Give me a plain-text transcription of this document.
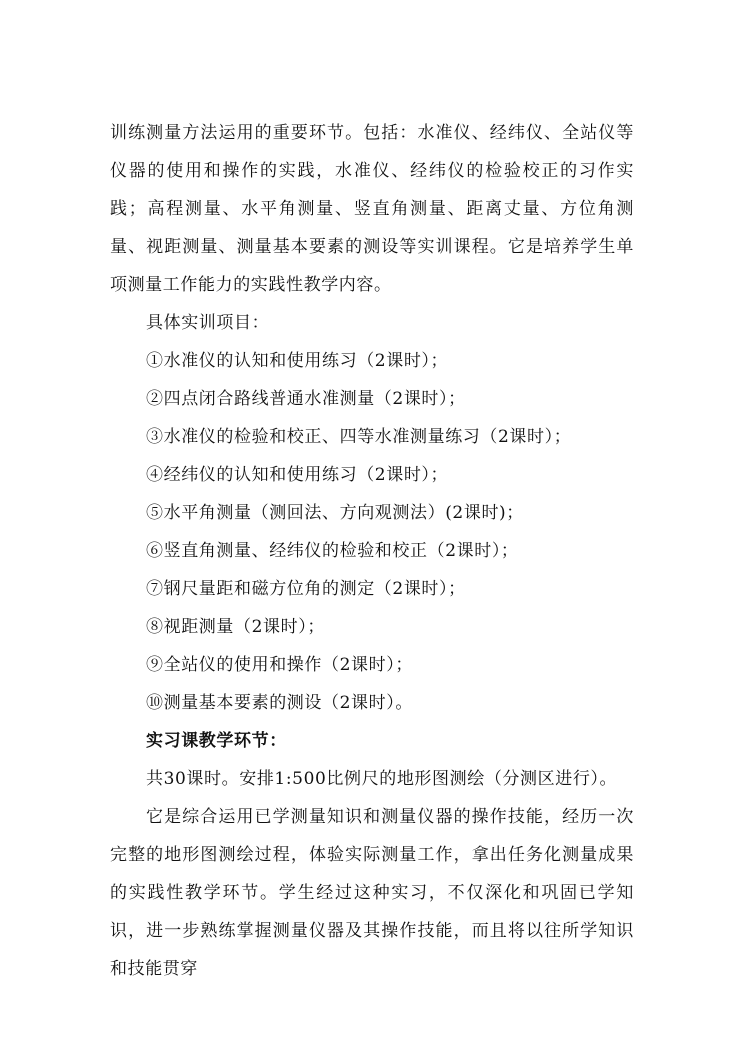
训练测量方法运用的重要环节。包括：水准仪、经纬仪、全站仪等仪器的使用和操作的实践，水准仪、经纬仪的检验校正的习作实践；高程测量、水平角测量、竖直角测量、距离丈量、方位角测量、视距测量、测量基本要素的测设等实训课程。它是培养学生单项测量工作能力的实践性教学内容。

具体实训项目：

①水准仪的认知和使用练习（2课时）；
②四点闭合路线普通水准测量（2课时）；
③水准仪的检验和校正、四等水准测量练习（2课时）；
④经纬仪的认知和使用练习（2课时）；
⑤水平角测量（测回法、方向观测法）(2课时)；
⑥竖直角测量、经纬仪的检验和校正（2课时）；
⑦钢尺量距和磁方位角的测定（2课时）；
⑧视距测量（2课时）；
⑨全站仪的使用和操作（2课时）；
⑩测量基本要素的测设（2课时）。

实习课教学环节：

共30课时。安排1:500比例尺的地形图测绘（分测区进行）。

它是综合运用已学测量知识和测量仪器的操作技能，经历一次完整的地形图测绘过程，体验实际测量工作，拿出任务化测量成果的实践性教学环节。学生经过这种实习，不仅深化和巩固已学知识，进一步熟练掌握测量仪器及其操作技能，而且将以往所学知识和技能贯穿
